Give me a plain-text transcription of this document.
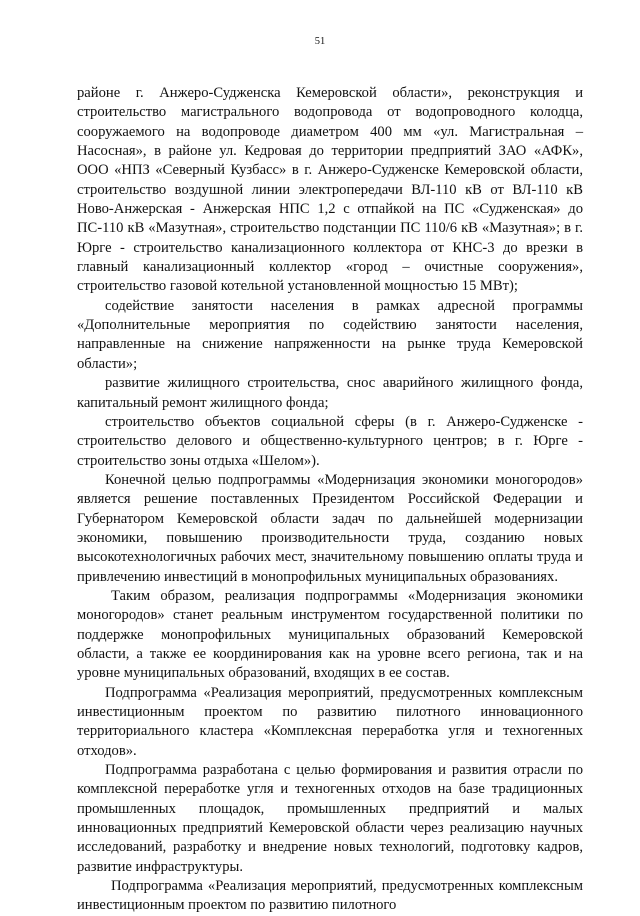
51

районе г. Анжеро-Судженска Кемеровской области», реконструкция и строительство магистрального водопровода от водопроводного колодца, сооружаемого на водопроводе диаметром 400 мм «ул. Магистральная – Насосная», в районе ул. Кедровая до территории предприятий ЗАО «АФК», ООО «НПЗ «Северный Кузбасс» в г. Анжеро-Судженске Кемеровской области, строительство воздушной линии электропередачи ВЛ-110 кВ от ВЛ-110 кВ Ново-Анжерская - Анжерская НПС 1,2 с отпайкой на ПС «Судженская» до ПС-110 кВ «Мазутная», строительство подстанции ПС 110/6 кВ «Мазутная»; в г. Юрге - строительство канализационного коллектора от КНС-3 до врезки в главный канализационный коллектор «город – очистные сооружения», строительство газовой котельной установленной мощностью 15 МВт);

содействие занятости населения в рамках адресной программы «Дополнительные мероприятия по содействию занятости населения, направленные на снижение напряженности на рынке труда Кемеровской области»;

развитие жилищного строительства, снос аварийного жилищного фонда, капитальный ремонт жилищного фонда;

строительство объектов социальной сферы (в г. Анжеро-Судженске - строительство делового и общественно-культурного центров; в г. Юрге - строительство зоны отдыха «Шелом»).

Конечной целью подпрограммы «Модернизация экономики моногородов» является решение поставленных Президентом Российской Федерации и Губернатором Кемеровской области задач по дальнейшей модернизации экономики, повышению производительности труда, созданию новых высокотехнологичных рабочих мест, значительному повышению оплаты труда и привлечению инвестиций в монопрофильных муниципальных образованиях.

Таким образом, реализация подпрограммы «Модернизация экономики моногородов» станет реальным инструментом государственной политики по поддержке монопрофильных муниципальных образований Кемеровской области, а также ее координирования как на уровне всего региона, так и на уровне муниципальных образований, входящих в ее состав.

Подпрограмма «Реализация мероприятий, предусмотренных комплексным инвестиционным проектом по развитию пилотного инновационного территориального кластера «Комплексная переработка угля и техногенных отходов».

Подпрограмма разработана с целью формирования и развития отрасли по комплексной переработке угля и техногенных отходов на базе традиционных промышленных площадок, промышленных предприятий и малых инновационных предприятий Кемеровской области через реализацию научных исследований, разработку и внедрение новых технологий, подготовку кадров, развитие инфраструктуры.

Подпрограмма «Реализация мероприятий, предусмотренных комплексным инвестиционным проектом по развитию пилотного
